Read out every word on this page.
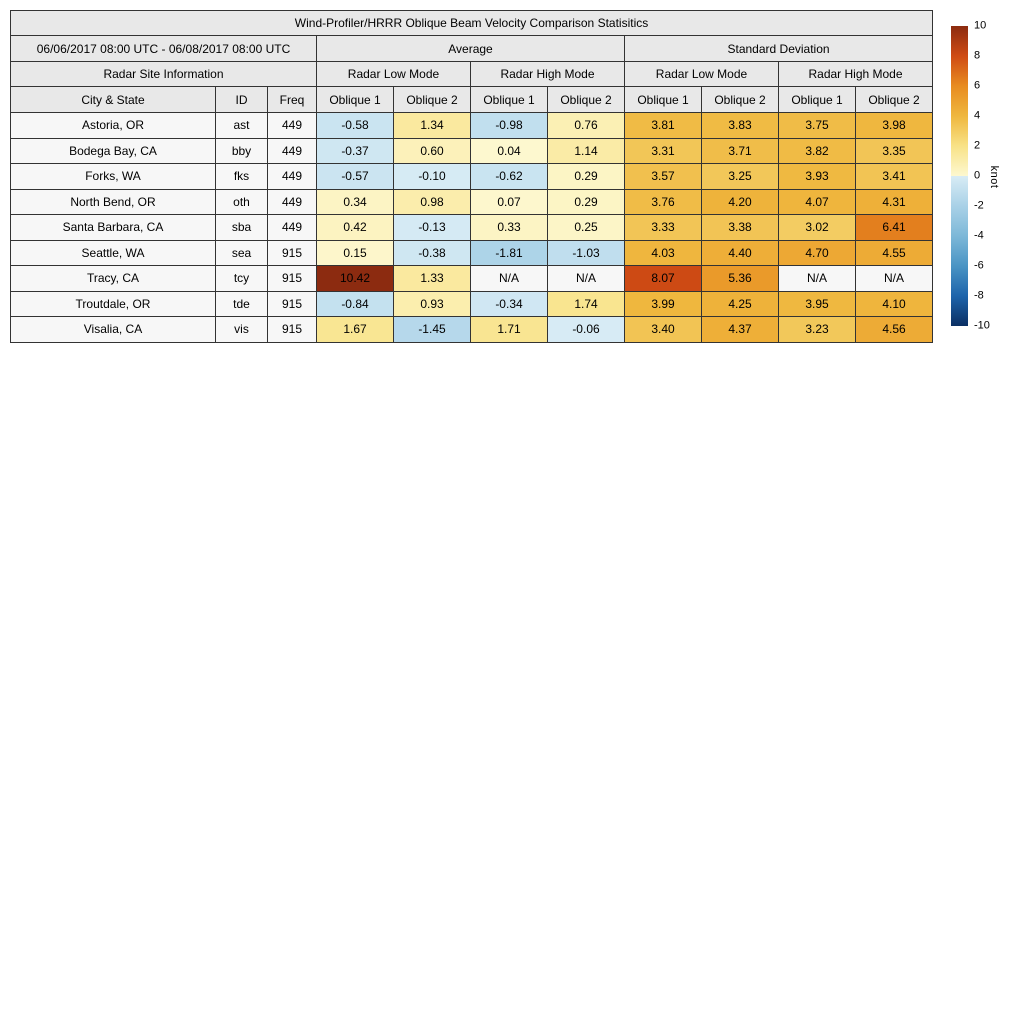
Wind-Profiler/HRRR Oblique Beam Velocity Comparison Statisitics										
06/06/2017 08:00 UTC - 06/08/2017 08:00 UTC			Average				Standard Deviation			
Radar Site Information			Radar Low Mode		Radar High Mode		Radar Low Mode		Radar High Mode	
City & State	ID	Freq	Oblique 1	Oblique 2	Oblique 1	Oblique 2	Oblique 1	Oblique 2	Oblique 1	Oblique 2
Astoria, OR	ast	449	-0.58	1.34	-0.98	0.76	3.81	3.83	3.75	3.98
Bodega Bay, CA	bby	449	-0.37	0.60	0.04	1.14	3.31	3.71	3.82	3.35
Forks, WA	fks	449	-0.57	-0.10	-0.62	0.29	3.57	3.25	3.93	3.41
North Bend, OR	oth	449	0.34	0.98	0.07	0.29	3.76	4.20	4.07	4.31
Santa Barbara, CA	sba	449	0.42	-0.13	0.33	0.25	3.33	3.38	3.02	6.41
Seattle, WA	sea	915	0.15	-0.38	-1.81	-1.03	4.03	4.40	4.70	4.55
Tracy, CA	tcy	915	10.42	1.33	N/A	N/A	8.07	5.36	N/A	N/A
Troutdale, OR	tde	915	-0.84	0.93	-0.34	1.74	3.99	4.25	3.95	4.10
Visalia, CA	vis	915	1.67	-1.45	1.71	-0.06	3.40	4.37	3.23	4.56
10
8
6
4
2
0
-2
-4
-6
-8
-10
knot
